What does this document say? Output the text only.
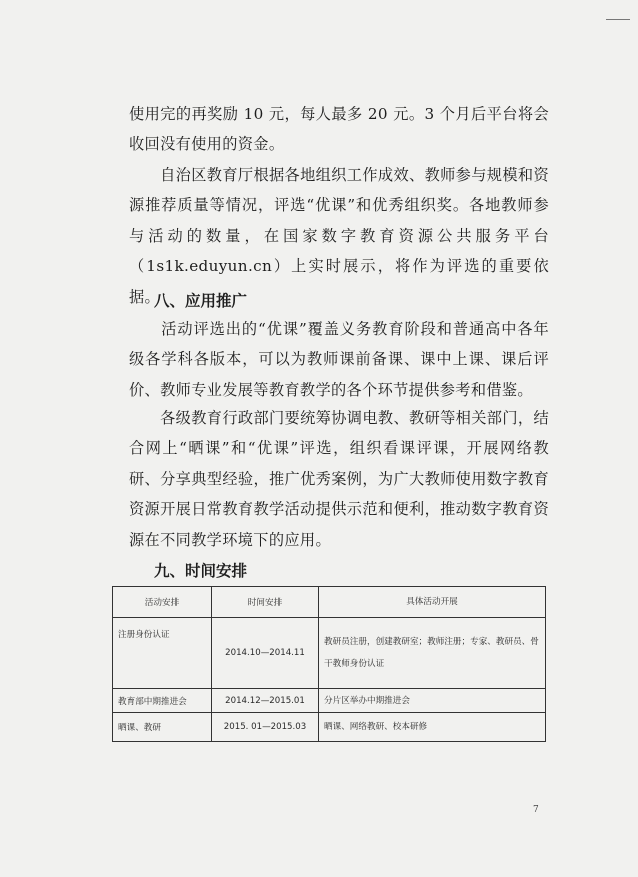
使用完的再奖励 10 元，每人最多 20 元。3 个月后平台将会收回没有使用的资金。

　　自治区教育厅根据各地组织工作成效、教师参与规模和资源推荐质量等情况，评选“优课”和优秀组织奖。各地教师参与活动的数量，在国家数字教育资源公共服务平台（1s1k.eduyun.cn）上实时展示，将作为评选的重要依据。

八、应用推广

　　活动评选出的“优课”覆盖义务教育阶段和普通高中各年级各学科各版本，可以为教师课前备课、课中上课、课后评价、教师专业发展等教育教学的各个环节提供参考和借鉴。

　　各级教育行政部门要统筹协调电教、教研等相关部门，结合网上“晒课”和“优课”评选，组织看课评课，开展网络教研、分享典型经验，推广优秀案例，为广大教师使用数字教育资源开展日常教育教学活动提供示范和便利，推动数字教育资源在不同教学环境下的应用。

九、时间安排
活动安排	时间安排	具体活动开展
注册身份认证	2014.10—2014.11	教研员注册，创建教研室；教师注册；专家、教研员、骨干教师身份认证
教育部中期推进会	2014.12—2015.01	分片区举办中期推进会
晒课、教研	2015. 01—2015.03	晒课、网络教研、校本研修
7
